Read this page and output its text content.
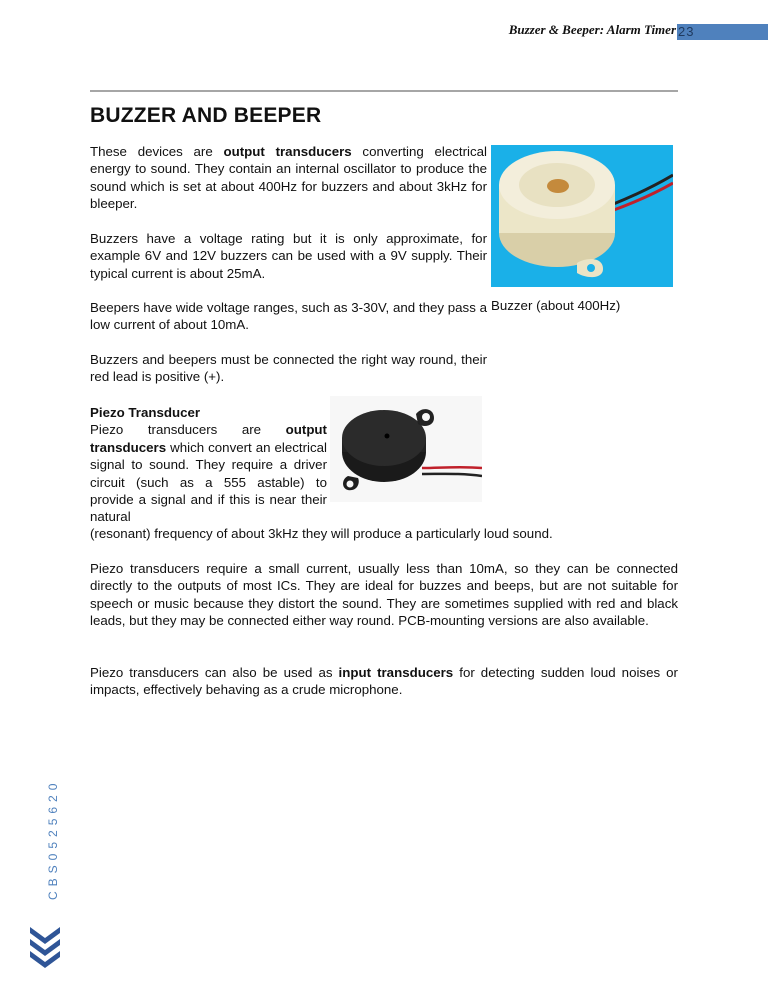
Buzzer & Beeper: Alarm Timer 23
BUZZER AND BEEPER

These devices are output transducers converting electrical energy to sound. They contain an internal oscillator to produce the sound which is set at about 400Hz for buzzers and about 3kHz for bleeper.

Buzzers have a voltage rating but it is only approximate, for example 6V and 12V buzzers can be used with a 9V supply. Their typical current is about 25mA.

Beepers have wide voltage ranges, such as 3-30V, and they pass a low current of about 10mA.

Buzzers and beepers must be connected the right way round, their red lead is positive (+).

Buzzer (about 400Hz)

Piezo Transducer
Piezo transducers are output transducers which convert an electrical signal to sound. They require a driver circuit (such as a 555 astable) to provide a signal and if this is near their natural

(resonant) frequency of about 3kHz they will produce a particularly loud sound.

Piezo transducers require a small current, usually less than 10mA, so they can be connected directly to the outputs of most ICs. They are ideal for buzzes and beeps, but are not suitable for speech or music because they distort the sound. They are sometimes supplied with red and black leads, but they may be connected either way round. PCB-mounting versions are also available.

Piezo transducers can also be used as input transducers for detecting sudden loud noises or impacts, effectively behaving as a crude microphone.

CBS0525620
